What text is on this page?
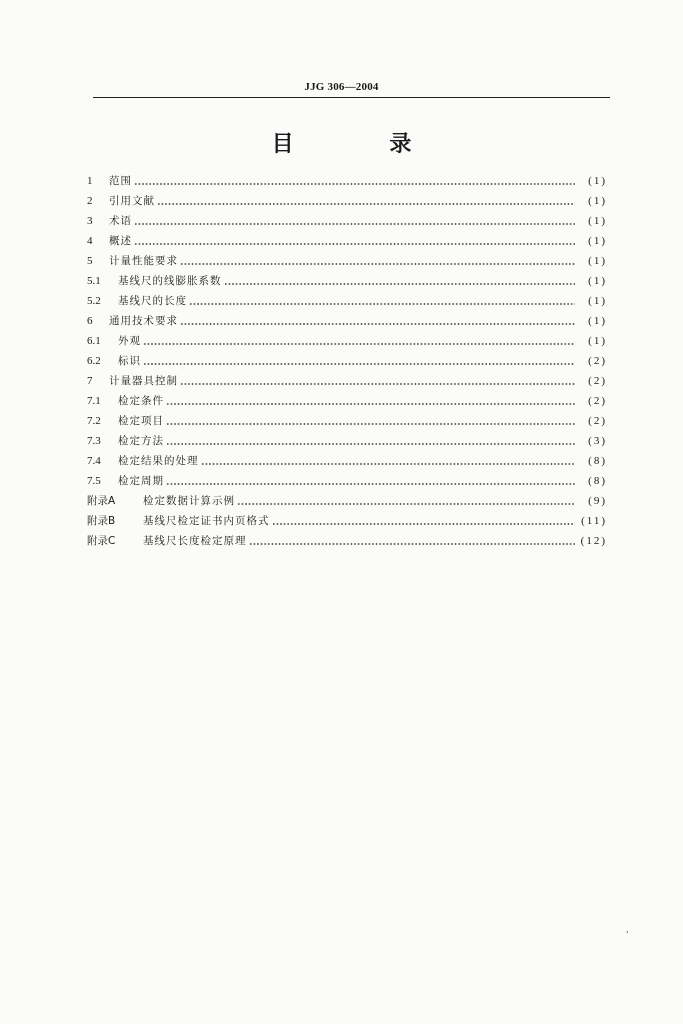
JJG 306—2004
目 录
1	范围	(1)
2	引用文献	(1)
3	术语	(1)
4	概述	(1)
5	计量性能要求	(1)
5.1	基线尺的线膨胀系数	(1)
5.2	基线尺的长度	(1)
6	通用技术要求	(1)
6.1	外观	(1)
6.2	标识	(2)
7	计量器具控制	(2)
7.1	检定条件	(2)
7.2	检定项目	(2)
7.3	检定方法	(3)
7.4	检定结果的处理	(8)
7.5	检定周期	(8)
附录A	检定数据计算示例	(9)
附录B	基线尺检定证书内页格式	(11)
附录C	基线尺长度检定原理	(12)
,
